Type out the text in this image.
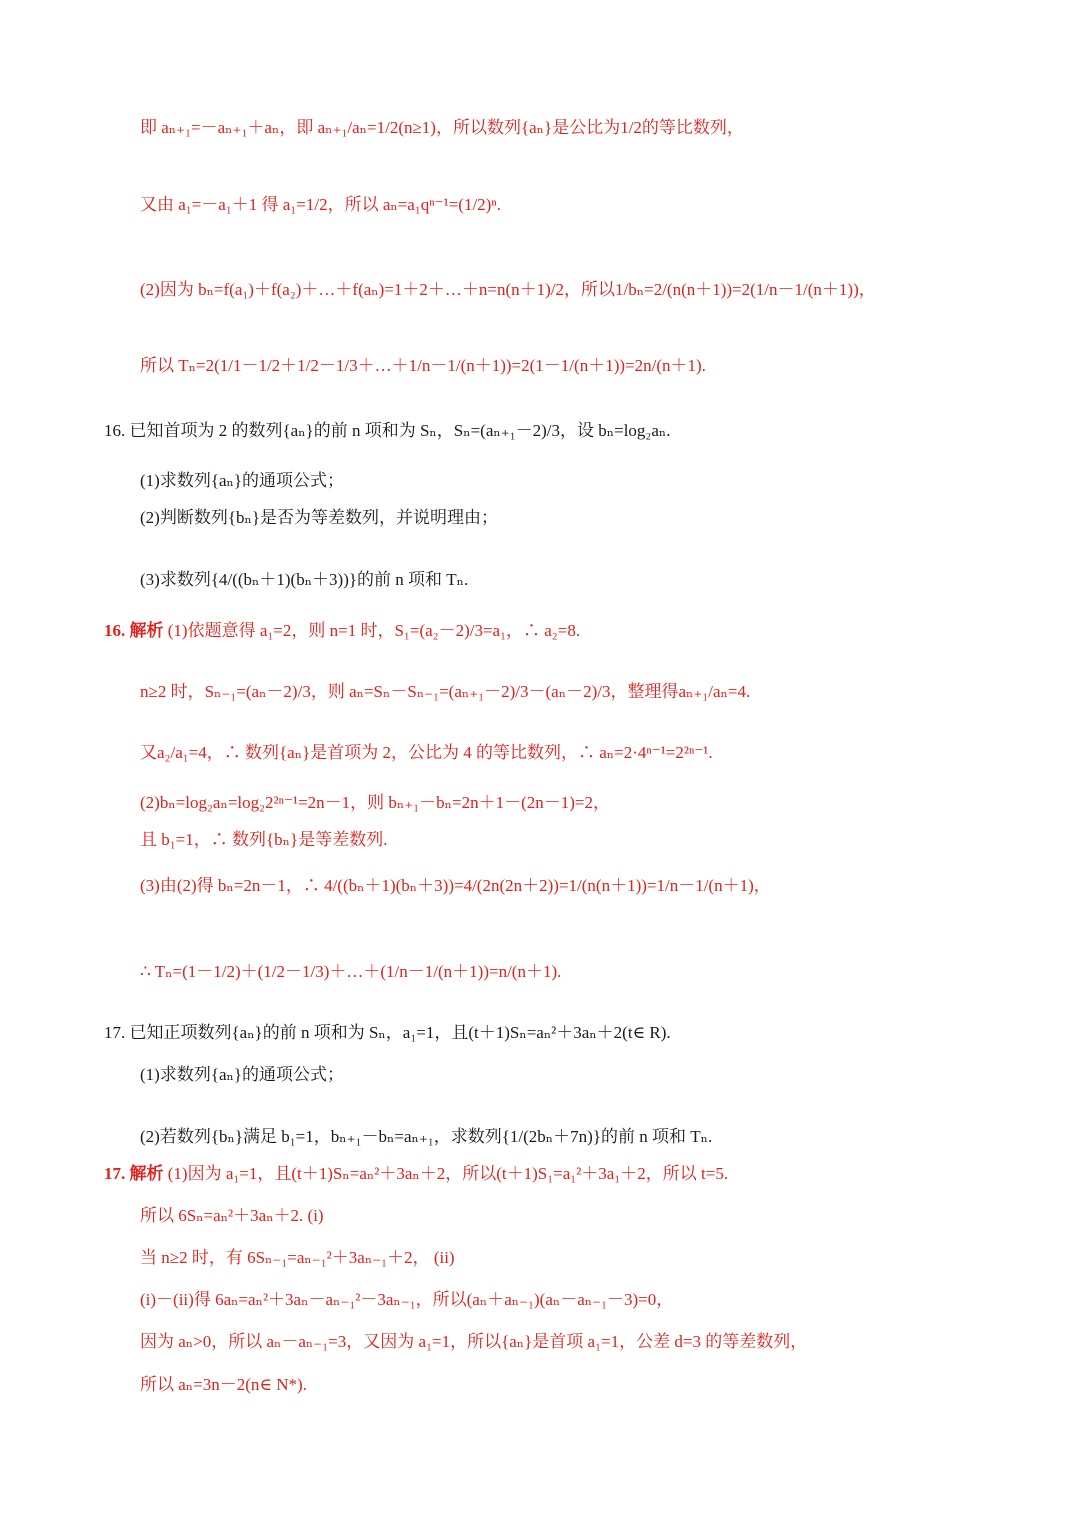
即 aₙ₊₁=－aₙ₊₁＋aₙ，即 aₙ₊₁/aₙ=1/2(n≥1)，所以数列{aₙ}是公比为1/2的等比数列，
又由 a₁=－a₁＋1 得 a₁=1/2，所以 aₙ=a₁qⁿ⁻¹=(1/2)ⁿ.
(2)因为 bₙ=f(a₁)＋f(a₂)＋…＋f(aₙ)=1＋2＋…＋n=n(n＋1)/2，所以1/bₙ=2/(n(n＋1))=2(1/n－1/(n＋1))，
所以 Tₙ=2(1/1－1/2＋1/2－1/3＋…＋1/n－1/(n＋1))=2(1－1/(n＋1))=2n/(n＋1).
16. 已知首项为 2 的数列{aₙ}的前 n 项和为 Sₙ，Sₙ=(aₙ₊₁－2)/3，设 bₙ=log₂aₙ.
(1)求数列{aₙ}的通项公式；
(2)判断数列{bₙ}是否为等差数列，并说明理由；
(3)求数列{4/((bₙ＋1)(bₙ＋3))}的前 n 项和 Tₙ.
16. 解析 (1)依题意得 a₁=2，则 n=1 时，S₁=(a₂－2)/3=a₁，∴ a₂=8.
n≥2 时，Sₙ₋₁=(aₙ－2)/3，则 aₙ=Sₙ－Sₙ₋₁=(aₙ₊₁－2)/3－(aₙ－2)/3，整理得aₙ₊₁/aₙ=4.
又a₂/a₁=4，∴ 数列{aₙ}是首项为 2，公比为 4 的等比数列，∴ aₙ=2·4ⁿ⁻¹=2²ⁿ⁻¹.
(2)bₙ=log₂aₙ=log₂2²ⁿ⁻¹=2n－1，则 bₙ₊₁－bₙ=2n＋1－(2n－1)=2，
且 b₁=1，∴ 数列{bₙ}是等差数列.
(3)由(2)得 bₙ=2n－1，∴ 4/((bₙ＋1)(bₙ＋3))=4/(2n(2n＋2))=1/(n(n＋1))=1/n－1/(n＋1)，
∴ Tₙ=(1－1/2)＋(1/2－1/3)＋…＋(1/n－1/(n＋1))=n/(n＋1).
17. 已知正项数列{aₙ}的前 n 项和为 Sₙ，a₁=1，且(t＋1)Sₙ=aₙ²＋3aₙ＋2(t∈ R).
(1)求数列{aₙ}的通项公式；
(2)若数列{bₙ}满足 b₁=1，bₙ₊₁－bₙ=aₙ₊₁，求数列{1/(2bₙ＋7n)}的前 n 项和 Tₙ.
17. 解析 (1)因为 a₁=1，且(t＋1)Sₙ=aₙ²＋3aₙ＋2，所以(t＋1)S₁=a₁²＋3a₁＋2，所以 t=5.
所以 6Sₙ=aₙ²＋3aₙ＋2. (i)
当 n≥2 时，有 6Sₙ₋₁=aₙ₋₁²＋3aₙ₋₁＋2， (ii)
(i)－(ii)得 6aₙ=aₙ²＋3aₙ－aₙ₋₁²－3aₙ₋₁，所以(aₙ＋aₙ₋₁)(aₙ－aₙ₋₁－3)=0，
因为 aₙ>0，所以 aₙ－aₙ₋₁=3，又因为 a₁=1，所以{aₙ}是首项 a₁=1，公差 d=3 的等差数列，
所以 aₙ=3n－2(n∈ N*).
